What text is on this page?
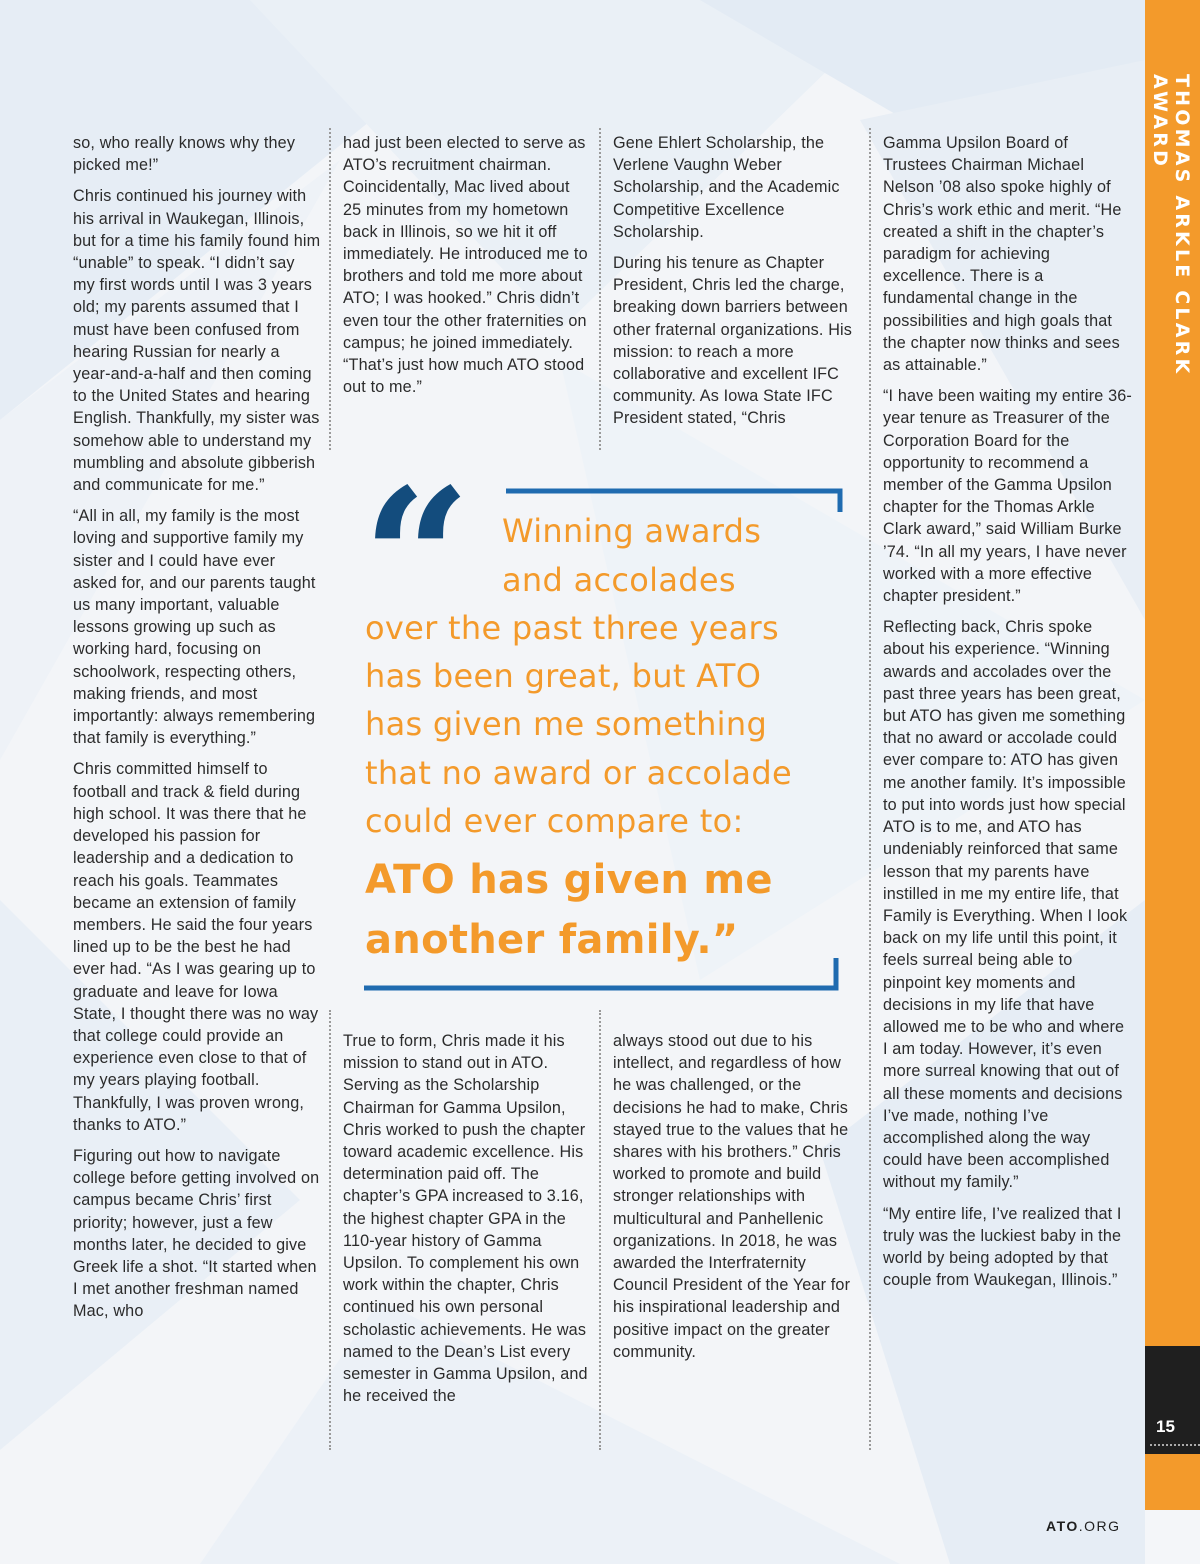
so, who really knows why they picked me!”

Chris continued his journey with his arrival in Waukegan, Illinois, but for a time his family found him “unable” to speak. “I didn’t say my first words until I was 3 years old; my parents assumed that I must have been confused from hearing Russian for nearly a year-and-a-half and then coming to the United States and hearing English. Thankfully, my sister was somehow able to understand my mumbling and absolute gibberish and communicate for me.”

“All in all, my family is the most loving and supportive family my sister and I could have ever asked for, and our parents taught us many important, valuable lessons growing up such as working hard, focusing on schoolwork, respecting others, making friends, and most importantly: always remembering that family is everything.”

Chris committed himself to football and track & field during high school. It was there that he developed his passion for leadership and a dedication to reach his goals. Teammates became an extension of family members. He said the four years lined up to be the best he had ever had. “As I was gearing up to graduate and leave for Iowa State, I thought there was no way that college could provide an experience even close to that of my years playing football. Thankfully, I was proven wrong, thanks to ATO.”

Figuring out how to navigate college before getting involved on campus became Chris’ first priority; however, just a few months later, he decided to give Greek life a shot. “It started when I met another freshman named Mac, who

had just been elected to serve as ATO’s recruitment chairman. Coincidentally, Mac lived about 25 minutes from my hometown back in Illinois, so we hit it off immediately. He introduced me to brothers and told me more about ATO; I was hooked.” Chris didn’t even tour the other fraternities on campus; he joined immediately. “That’s just how much ATO stood out to me.”

Gene Ehlert Scholarship, the Verlene Vaughn Weber Scholarship, and the Academic Competitive Excellence Scholarship.

During his tenure as Chapter President, Chris led the charge, breaking down barriers between other fraternal organizations. His mission: to reach a more collaborative and excellent IFC community. As Iowa State IFC President stated, “Chris

“ Winning awards
and accolades
over the past three years
has been great, but ATO
has given me something
that no award or accolade
could ever compare to:
ATO has given me
another family.”

True to form, Chris made it his mission to stand out in ATO. Serving as the Scholarship Chairman for Gamma Upsilon, Chris worked to push the chapter toward academic excellence. His determination paid off. The chapter’s GPA increased to 3.16, the highest chapter GPA in the 110-year history of Gamma Upsilon. To complement his own work within the chapter, Chris continued his own personal scholastic achievements. He was named to the Dean’s List every semester in Gamma Upsilon, and he received the

always stood out due to his intellect, and regardless of how he was challenged, or the decisions he had to make, Chris stayed true to the values that he shares with his brothers.” Chris worked to promote and build stronger relationships with multicultural and Panhellenic organizations. In 2018, he was awarded the Interfraternity Council President of the Year for his inspirational leadership and positive impact on the greater community.

Gamma Upsilon Board of Trustees Chairman Michael Nelson ’08 also spoke highly of Chris’s work ethic and merit. “He created a shift in the chapter’s paradigm for achieving excellence. There is a fundamental change in the possibilities and high goals that the chapter now thinks and sees as attainable.”

“I have been waiting my entire 36-year tenure as Treasurer of the Corporation Board for the opportunity to recommend a member of the Gamma Upsilon chapter for the Thomas Arkle Clark award,” said William Burke ’74. “In all my years, I have never worked with a more effective chapter president.”

Reflecting back, Chris spoke about his experience. “Winning awards and accolades over the past three years has been great, but ATO has given me something that no award or accolade could ever compare to: ATO has given me another family. It’s impossible to put into words just how special ATO is to me, and ATO has undeniably reinforced that same lesson that my parents have instilled in me my entire life, that Family is Everything. When I look back on my life until this point, it feels surreal being able to pinpoint key moments and decisions in my life that have allowed me to be who and where I am today. However, it’s even more surreal knowing that out of all these moments and decisions I’ve made, nothing I’ve accomplished along the way could have been accomplished without my family.”

“My entire life, I’ve realized that I truly was the luckiest baby in the world by being adopted by that couple from Waukegan, Illinois.”

THOMAS ARKLE CLARK AWARD
15
ATO.ORG
